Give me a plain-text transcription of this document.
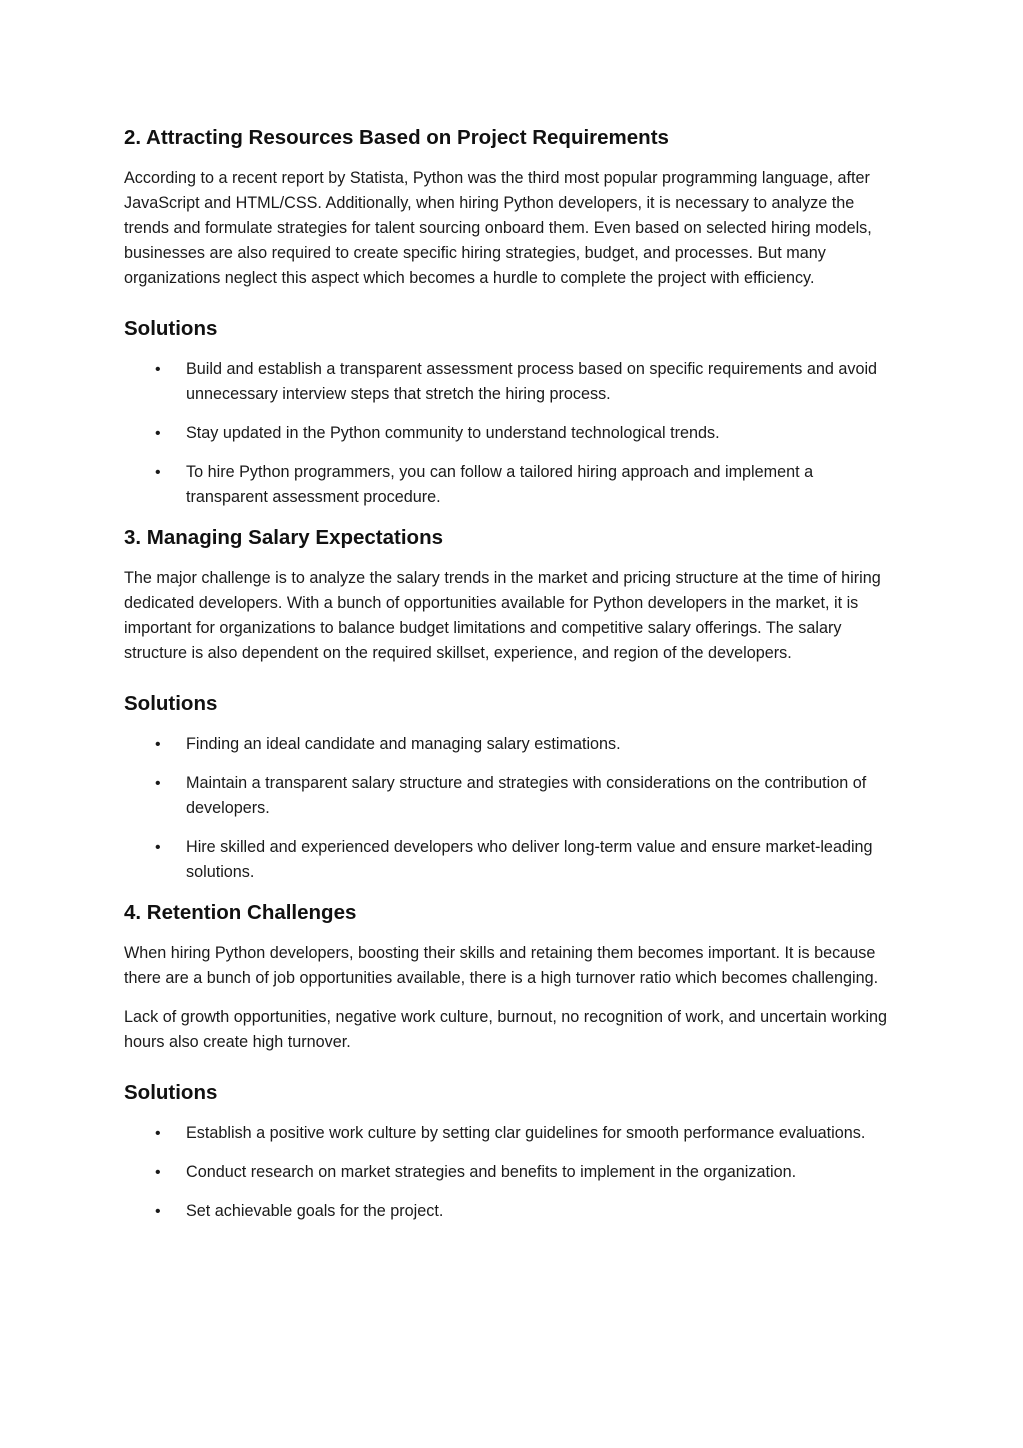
2. Attracting Resources Based on Project Requirements

According to a recent report by Statista, Python was the third most popular programming language, after JavaScript and HTML/CSS. Additionally, when hiring Python developers, it is necessary to analyze the trends and formulate strategies for talent sourcing onboard them. Even based on selected hiring models, businesses are also required to create specific hiring strategies, budget, and processes. But many organizations neglect this aspect which becomes a hurdle to complete the project with efficiency.

Solutions
• Build and establish a transparent assessment process based on specific requirements and avoid unnecessary interview steps that stretch the hiring process.
• Stay updated in the Python community to understand technological trends.
• To hire Python programmers, you can follow a tailored hiring approach and implement a transparent assessment procedure.
3. Managing Salary Expectations

The major challenge is to analyze the salary trends in the market and pricing structure at the time of hiring dedicated developers. With a bunch of opportunities available for Python developers in the market, it is important for organizations to balance budget limitations and competitive salary offerings. The salary structure is also dependent on the required skillset, experience, and region of the developers.

Solutions
• Finding an ideal candidate and managing salary estimations.
• Maintain a transparent salary structure and strategies with considerations on the contribution of developers.
• Hire skilled and experienced developers who deliver long-term value and ensure market-leading solutions.
4. Retention Challenges

When hiring Python developers, boosting their skills and retaining them becomes important. It is because there are a bunch of job opportunities available, there is a high turnover ratio which becomes challenging.

Lack of growth opportunities, negative work culture, burnout, no recognition of work, and uncertain working hours also create high turnover.

Solutions
• Establish a positive work culture by setting clar guidelines for smooth performance evaluations.
• Conduct research on market strategies and benefits to implement in the organization.
• Set achievable goals for the project.
